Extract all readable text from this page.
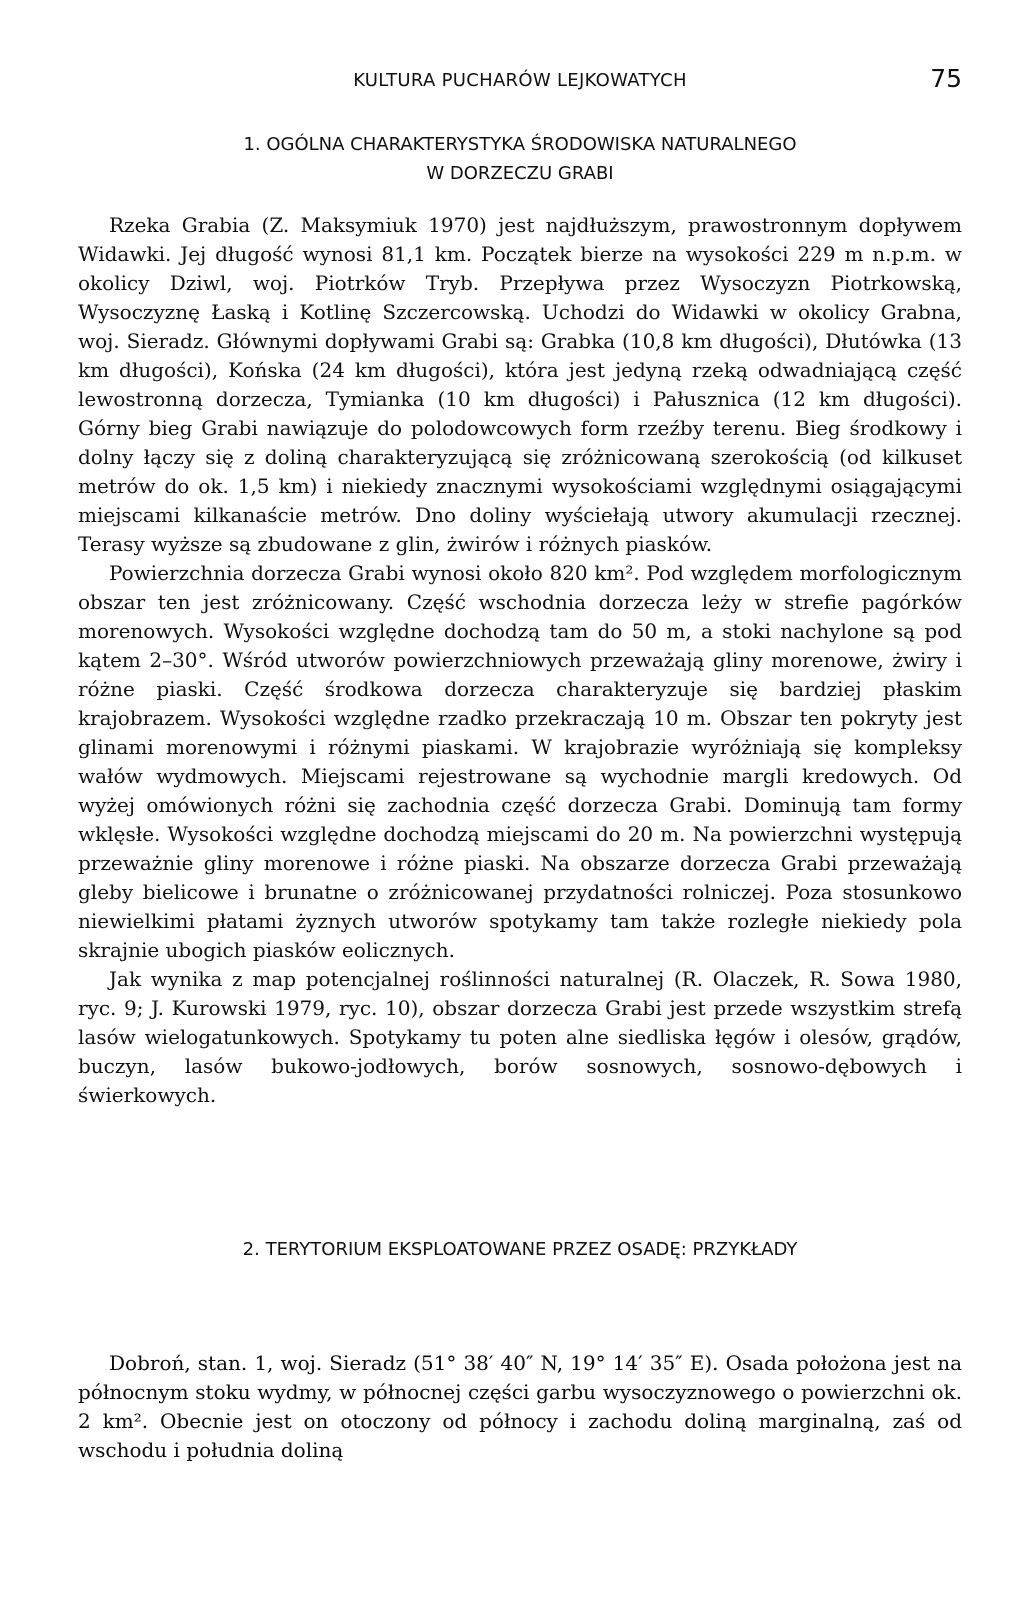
KULTURA PUCHARÓW LEJKOWATYCH	75
1. OGÓLNA CHARAKTERYSTYKA ŚRODOWISKA NATURALNEGO
W DORZECZU GRABI

Rzeka Grabia (Z. Maksymiuk 1970) jest najdłuższym, prawostronnym dopływem Widawki. Jej długość wynosi 81,1 km. Początek bierze na wysokości 229 m n.p.m. w okolicy Dziwl, woj. Piotrków Tryb. Przepływa przez Wysoczyzn Piotrkowską, Wysoczyznę Łaską i Kotlinę Szczercowską. Uchodzi do Widawki w okolicy Grabna, woj. Sieradz. Głównymi dopływami Grabi są: Grabka (10,8 km długości), Dłutówka (13 km długości), Końska (24 km długości), która jest jedyną rzeką odwadniającą część lewostronną dorzecza, Tymianka (10 km długości) i Pałusznica (12 km długości). Górny bieg Grabi nawiązuje do polodowcowych form rzeźby terenu. Bieg środkowy i dolny łączy się z doliną charakteryzującą się zróżnicowaną szerokością (od kilkuset metrów do ok. 1,5 km) i niekiedy znacznymi wysokościami względnymi osiągającymi miejscami kilkanaście metrów. Dno doliny wyściełają utwory akumulacji rzecznej. Terasy wyższe są zbudowane z glin, żwirów i różnych piasków.

Powierzchnia dorzecza Grabi wynosi około 820 km². Pod względem morfologicznym obszar ten jest zróżnicowany. Część wschodnia dorzecza leży w strefie pagórków morenowych. Wysokości względne dochodzą tam do 50 m, a stoki nachylone są pod kątem 2–30°. Wśród utworów powierzchniowych przeważają gliny morenowe, żwiry i różne piaski. Część środkowa dorzecza charakteryzuje się bardziej płaskim krajobrazem. Wysokości względne rzadko przekraczają 10 m. Obszar ten pokryty jest glinami morenowymi i różnymi piaskami. W krajobrazie wyróżniają się kompleksy wałów wydmowych. Miejscami rejestrowane są wychodnie margli kredowych. Od wyżej omówionych różni się zachodnia część dorzecza Grabi. Dominują tam formy wklęsłe. Wysokości względne dochodzą miejscami do 20 m. Na powierzchni występują przeważnie gliny morenowe i różne piaski. Na obszarze dorzecza Grabi przeważają gleby bielicowe i brunatne o zróżnicowanej przydatności rolniczej. Poza stosunkowo niewielkimi płatami żyznych utworów spotykamy tam także rozległe niekiedy pola skrajnie ubogich piasków eolicznych.

Jak wynika z map potencjalnej roślinności naturalnej (R. Olaczek, R. Sowa 1980, ryc. 9; J. Kurowski 1979, ryc. 10), obszar dorzecza Grabi jest przede wszystkim strefą lasów wielogatunkowych. Spotykamy tu poten alne siedliska łęgów i olesów, grądów, buczyn, lasów bukowo-jodłowych, borów sosnowych, sosnowo-dębowych i świerkowych.

2. TERYTORIUM EKSPLOATOWANE PRZEZ OSADĘ: PRZYKŁADY

Dobroń, stan. 1, woj. Sieradz (51° 38′ 40″ N, 19° 14′ 35″ E). Osada położona jest na północnym stoku wydmy, w północnej części garbu wysoczyznowego o powierzchni ok. 2 km². Obecnie jest on otoczony od północy i zachodu doliną marginalną, zaś od wschodu i południa doliną
